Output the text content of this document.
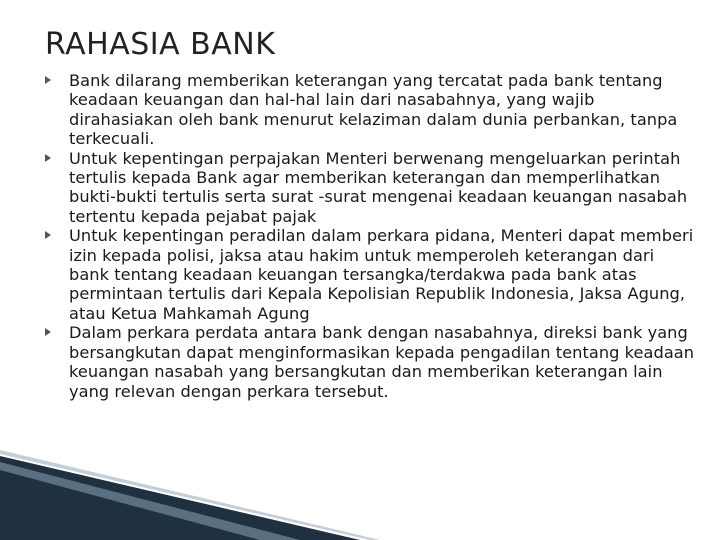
RAHASIA BANK
Bank dilarang memberikan keterangan yang tercatat pada bank tentang keadaan keuangan dan hal-hal lain dari nasabahnya, yang wajib dirahasiakan oleh bank menurut kelaziman dalam dunia perbankan, tanpa terkecuali.
Untuk kepentingan perpajakan Menteri berwenang mengeluarkan perintah tertulis kepada Bank agar memberikan keterangan dan memperlihatkan bukti-bukti tertulis serta surat -surat mengenai keadaan keuangan nasabah tertentu kepada pejabat pajak
Untuk kepentingan peradilan dalam perkara pidana, Menteri dapat memberi izin kepada polisi, jaksa atau hakim untuk memperoleh keterangan dari bank tentang keadaan keuangan tersangka/terdakwa pada bank atas permintaan tertulis dari Kepala Kepolisian Republik Indonesia, Jaksa Agung, atau Ketua Mahkamah Agung
Dalam perkara perdata antara bank dengan nasabahnya, direksi bank yang bersangkutan dapat menginformasikan kepada pengadilan tentang keadaan keuangan nasabah yang bersangkutan dan memberikan keterangan lain yang relevan dengan perkara tersebut.
